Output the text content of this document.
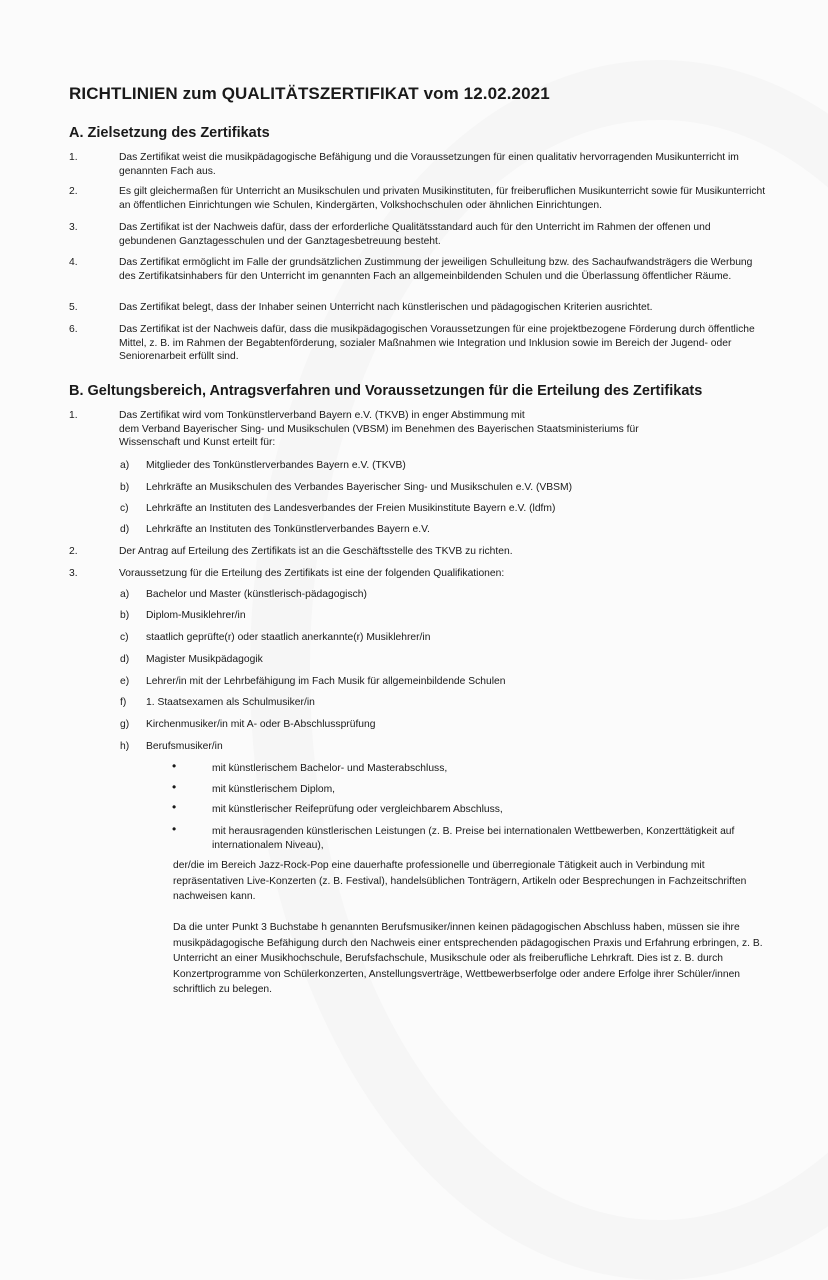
RICHTLINIEN zum QUALITÄTSZERTIFIKAT vom 12.02.2021
A. Zielsetzung des Zertifikats
1.	Das Zertifikat weist die musikpädagogische Befähigung und die Voraussetzungen für einen qualitativ hervorragenden Musikunterricht im genannten Fach aus.

2.	Es gilt gleichermaßen für Unterricht an Musikschulen und privaten Musikinstituten, für freiberuflichen Musikunterricht sowie für Musikunterricht an öffentlichen Einrichtungen wie Schulen, Kindergärten, Volkshochschulen oder ähnlichen Einrichtungen.

3.	Das Zertifikat ist der Nachweis dafür, dass der erforderliche Qualitätsstandard auch für den Unterricht im Rahmen der offenen und gebundenen Ganztagesschulen und der Ganztagesbetreuung besteht.

4.	Das Zertifikat ermöglicht im Falle der grundsätzlichen Zustimmung der jeweiligen Schulleitung bzw. des Sachaufwandsträgers die Werbung des Zertifikatsinhabers für den Unterricht im genannten Fach an allgemeinbildenden Schulen und die Überlassung öffentlicher Räume.

5.	Das Zertifikat belegt, dass der Inhaber seinen Unterricht nach künstlerischen und pädagogischen Kriterien ausrichtet.

6.	Das Zertifikat ist der Nachweis dafür, dass die musikpädagogischen Voraussetzungen für eine projektbezogene Förderung durch öffentliche Mittel, z. B. im Rahmen der Begabtenförderung, sozialer Maßnahmen wie Integration und Inklusion sowie im Bereich der Jugend- oder Seniorenarbeit erfüllt sind.

B. Geltungsbereich, Antragsverfahren und Voraussetzungen für die Erteilung des Zertifikats
1.	Das Zertifikat wird vom Tonkünstlerverband Bayern e.V. (TKVB) in enger Abstimmung mit
dem Verband Bayerischer Sing- und Musikschulen (VBSM) im Benehmen des Bayerischen Staatsministeriums für
Wissenschaft und Kunst erteilt für:
a) Mitglieder des Tonkünstlerverbandes Bayern e.V. (TKVB)
b) Lehrkräfte an Musikschulen des Verbandes Bayerischer Sing- und Musikschulen e.V. (VBSM)
c) Lehrkräfte an Instituten des Landesverbandes der Freien Musikinstitute Bayern e.V. (ldfm)
d) Lehrkräfte an Instituten des Tonkünstlerverbandes Bayern e.V.
2.	Der Antrag auf Erteilung des Zertifikats ist an die Geschäftsstelle des TKVB zu richten.

3.	Voraussetzung für die Erteilung des Zertifikats ist eine der folgenden Qualifikationen:

a) Bachelor und Master (künstlerisch-pädagogisch)
b) Diplom-Musiklehrer/in
c) staatlich geprüfte(r) oder staatlich anerkannte(r) Musiklehrer/in
d) Magister Musikpädagogik
e) Lehrer/in mit der Lehrbefähigung im Fach Musik für allgemeinbildende Schulen
f) 1. Staatsexamen als Schulmusiker/in
g) Kirchenmusiker/in mit A- oder B-Abschlussprüfung
h) Berufsmusiker/in
•	mit künstlerischem Bachelor- und Masterabschluss,
•	mit künstlerischem Diplom,
•	mit künstlerischer Reifeprüfung oder vergleichbarem Abschluss,
•	mit herausragenden künstlerischen Leistungen (z. B. Preise bei internationalen Wettbewerben, Konzerttätigkeit auf internationalem Niveau),

der/die im Bereich Jazz-Rock-Pop eine dauerhafte professionelle und überregionale Tätigkeit auch in Verbindung mit repräsentativen Live-Konzerten (z. B. Festival), handelsüblichen Tonträgern, Artikeln oder Besprechungen in Fachzeitschriften nachweisen kann.

Da die unter Punkt 3 Buchstabe h genannten Berufsmusiker/innen keinen pädagogischen Abschluss haben, müssen sie ihre musikpädagogische Befähigung durch den Nachweis einer entsprechenden pädagogischen Praxis und Erfahrung erbringen, z. B. Unterricht an einer Musikhochschule, Berufsfachschule, Musikschule oder als freiberufliche Lehrkraft. Dies ist z. B. durch Konzertprogramme von Schülerkonzerten, Anstellungsverträge, Wettbewerbserfolge oder andere Erfolge ihrer Schüler/innen schriftlich zu belegen.
